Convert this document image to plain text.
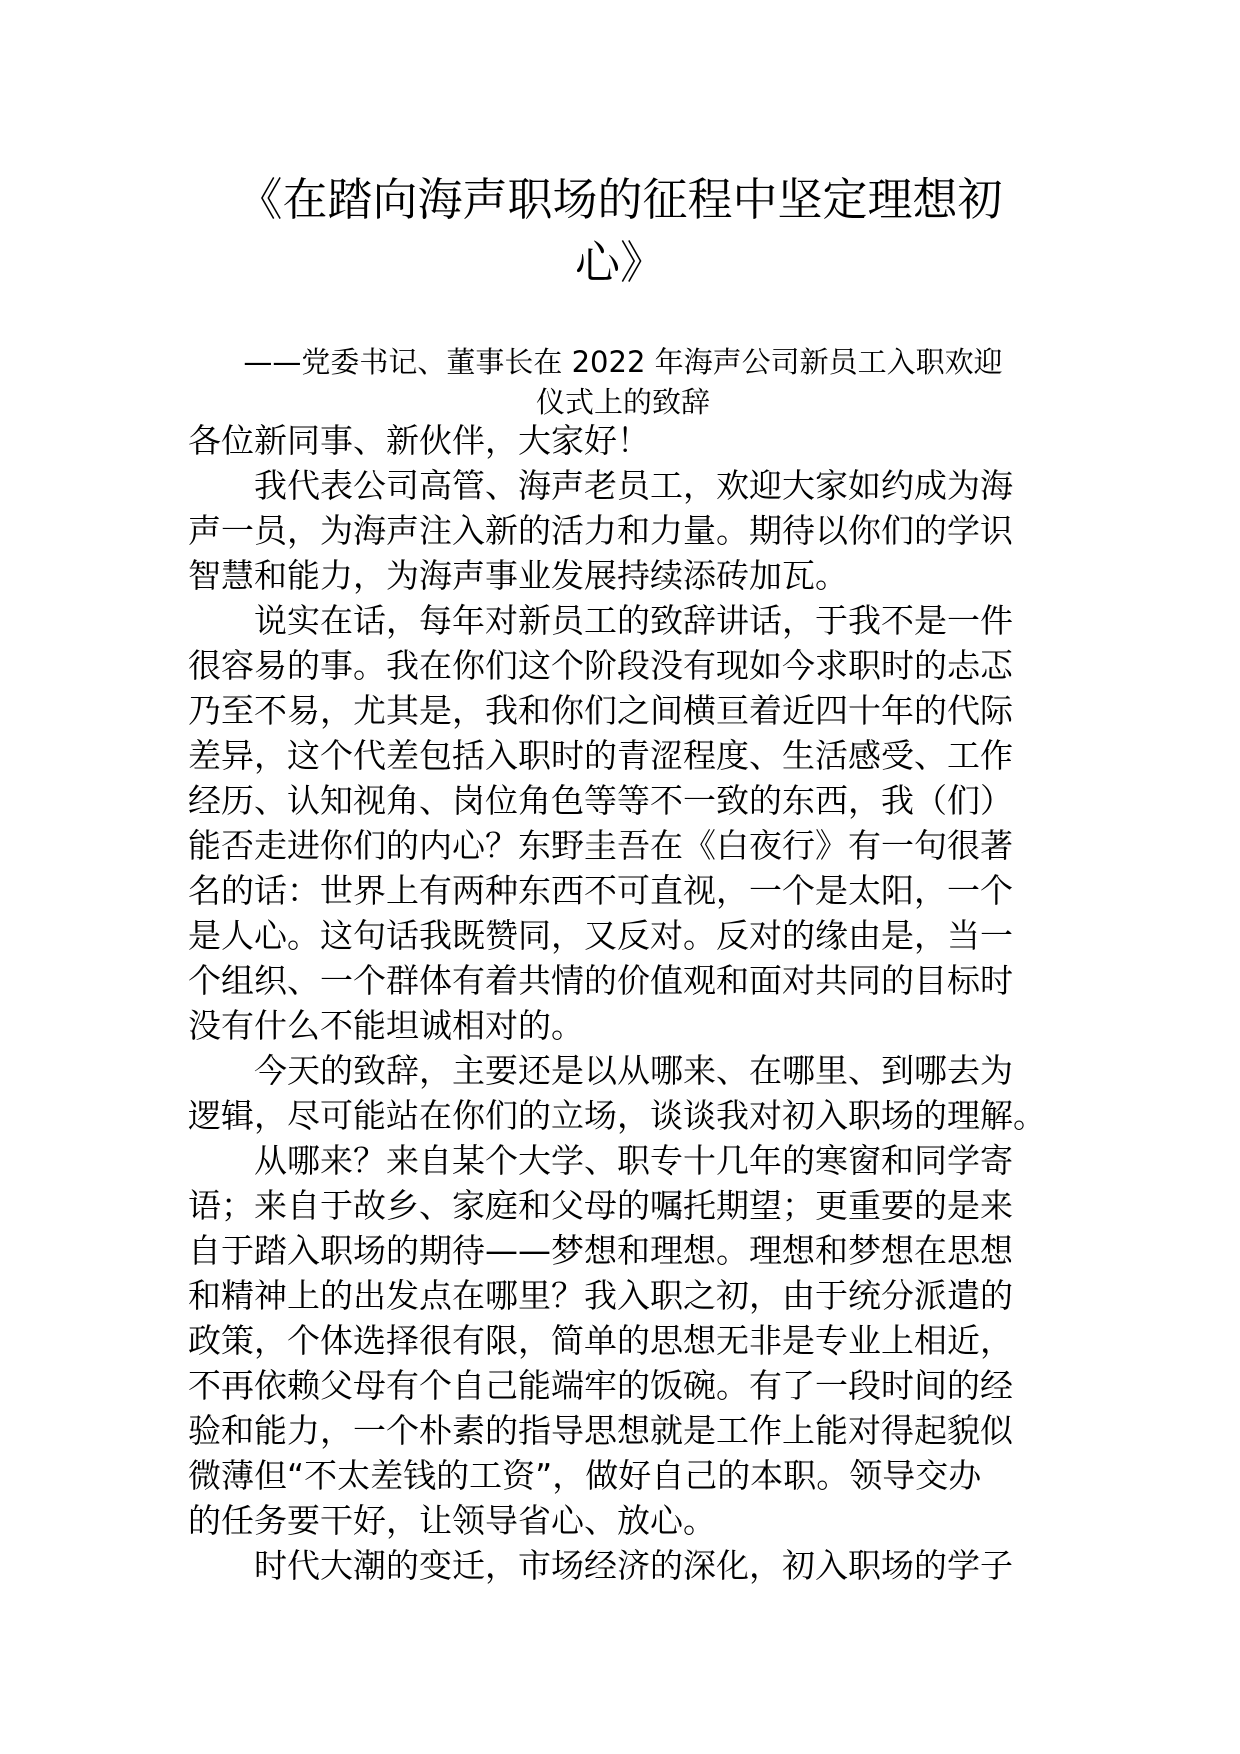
《在踏向海声职场的征程中坚定理想初
心》
——党委书记、董事长在 2022 年海声公司新员工入职欢迎
仪式上的致辞
各位新同事、新伙伴，大家好！
我代表公司高管、海声老员工，欢迎大家如约成为海
声一员，为海声注入新的活力和力量。期待以你们的学识
智慧和能力，为海声事业发展持续添砖加瓦。
说实在话，每年对新员工的致辞讲话，于我不是一件
很容易的事。我在你们这个阶段没有现如今求职时的忐忑
乃至不易，尤其是，我和你们之间横亘着近四十年的代际
差异，这个代差包括入职时的青涩程度、生活感受、工作
经历、认知视角、岗位角色等等不一致的东西，我（们）
能否走进你们的内心？东野圭吾在《白夜行》有一句很著
名的话：世界上有两种东西不可直视，一个是太阳，一个
是人心。这句话我既赞同，又反对。反对的缘由是，当一
个组织、一个群体有着共情的价值观和面对共同的目标时
没有什么不能坦诚相对的。
今天的致辞，主要还是以从哪来、在哪里、到哪去为
逻辑，尽可能站在你们的立场，谈谈我对初入职场的理解。
从哪来？来自某个大学、职专十几年的寒窗和同学寄
语；来自于故乡、家庭和父母的嘱托期望；更重要的是来
自于踏入职场的期待——梦想和理想。理想和梦想在思想
和精神上的出发点在哪里？我入职之初，由于统分派遣的
政策，个体选择很有限，简单的思想无非是专业上相近，
不再依赖父母有个自己能端牢的饭碗。有了一段时间的经
验和能力，一个朴素的指导思想就是工作上能对得起貌似
微薄但“不太差钱的工资”，做好自己的本职。领导交办
的任务要干好，让领导省心、放心。
时代大潮的变迁，市场经济的深化，初入职场的学子
